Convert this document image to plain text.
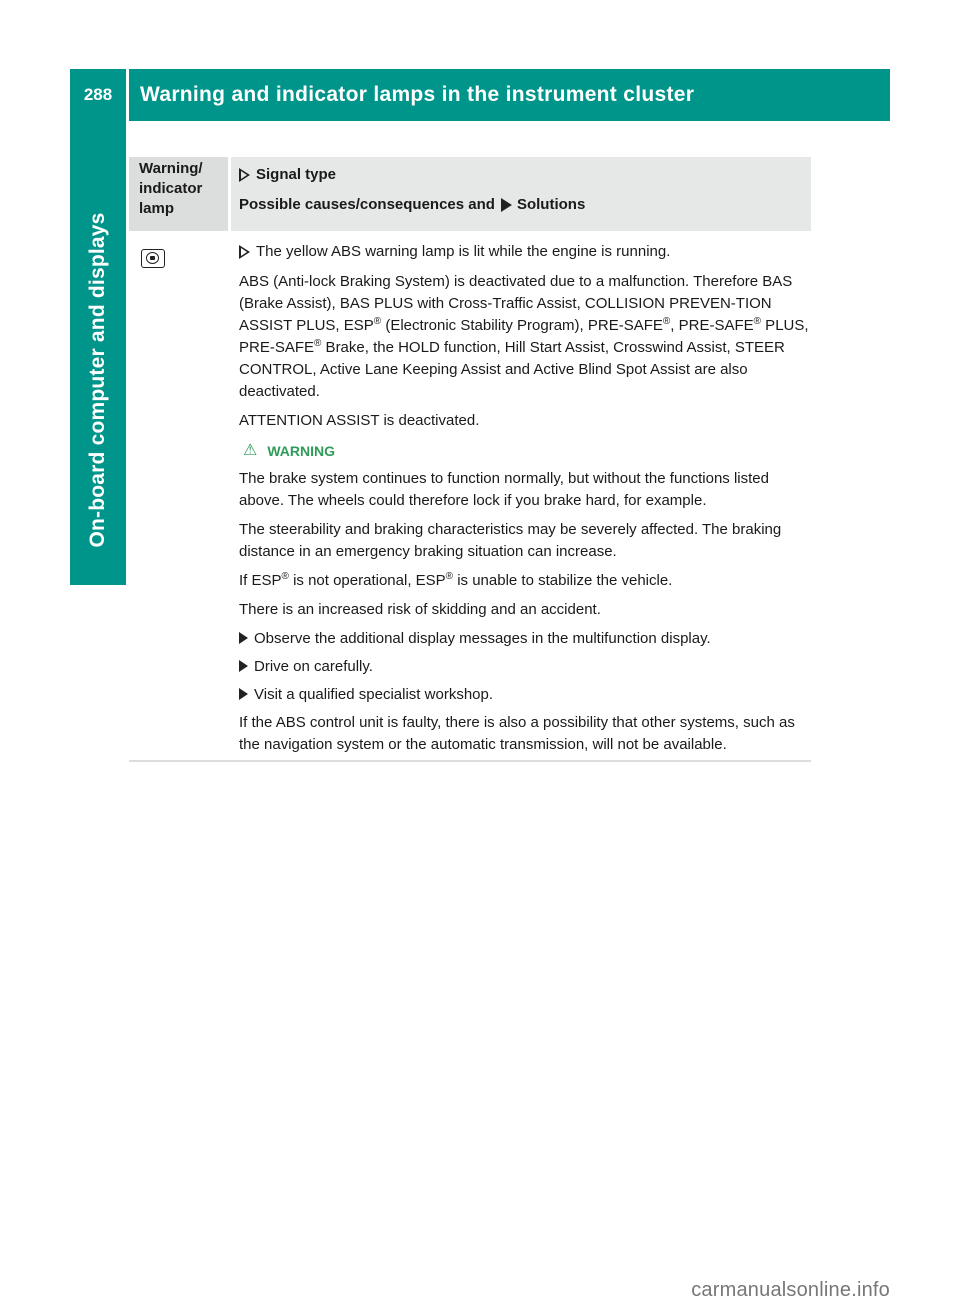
288	Warning and indicator lamps in the instrument cluster
On-board computer and displays
Warning/
indicator
lamp
Signal type
Possible causes/consequences and Solutions
The yellow ABS warning lamp is lit while the engine is running.

ABS (Anti-lock Braking System) is deactivated due to a malfunction. Therefore BAS (Brake Assist), BAS PLUS with Cross-Traffic Assist, COLLISION PREVEN-TION ASSIST PLUS, ESP® (Electronic Stability Program), PRE-SAFE®, PRE-SAFE® PLUS, PRE-SAFE® Brake, the HOLD function, Hill Start Assist, Crosswind Assist, STEER CONTROL, Active Lane Keeping Assist and Active Blind Spot Assist are also deactivated.

ATTENTION ASSIST is deactivated.

⚠ WARNING

The brake system continues to function normally, but without the functions listed above. The wheels could therefore lock if you brake hard, for example.

The steerability and braking characteristics may be severely affected. The braking distance in an emergency braking situation can increase.

If ESP® is not operational, ESP® is unable to stabilize the vehicle.

There is an increased risk of skidding and an accident.

Observe the additional display messages in the multifunction display.
Drive on carefully.
Visit a qualified specialist workshop.

If the ABS control unit is faulty, there is also a possibility that other systems, such as the navigation system or the automatic transmission, will not be available.

carmanualsonline.info
